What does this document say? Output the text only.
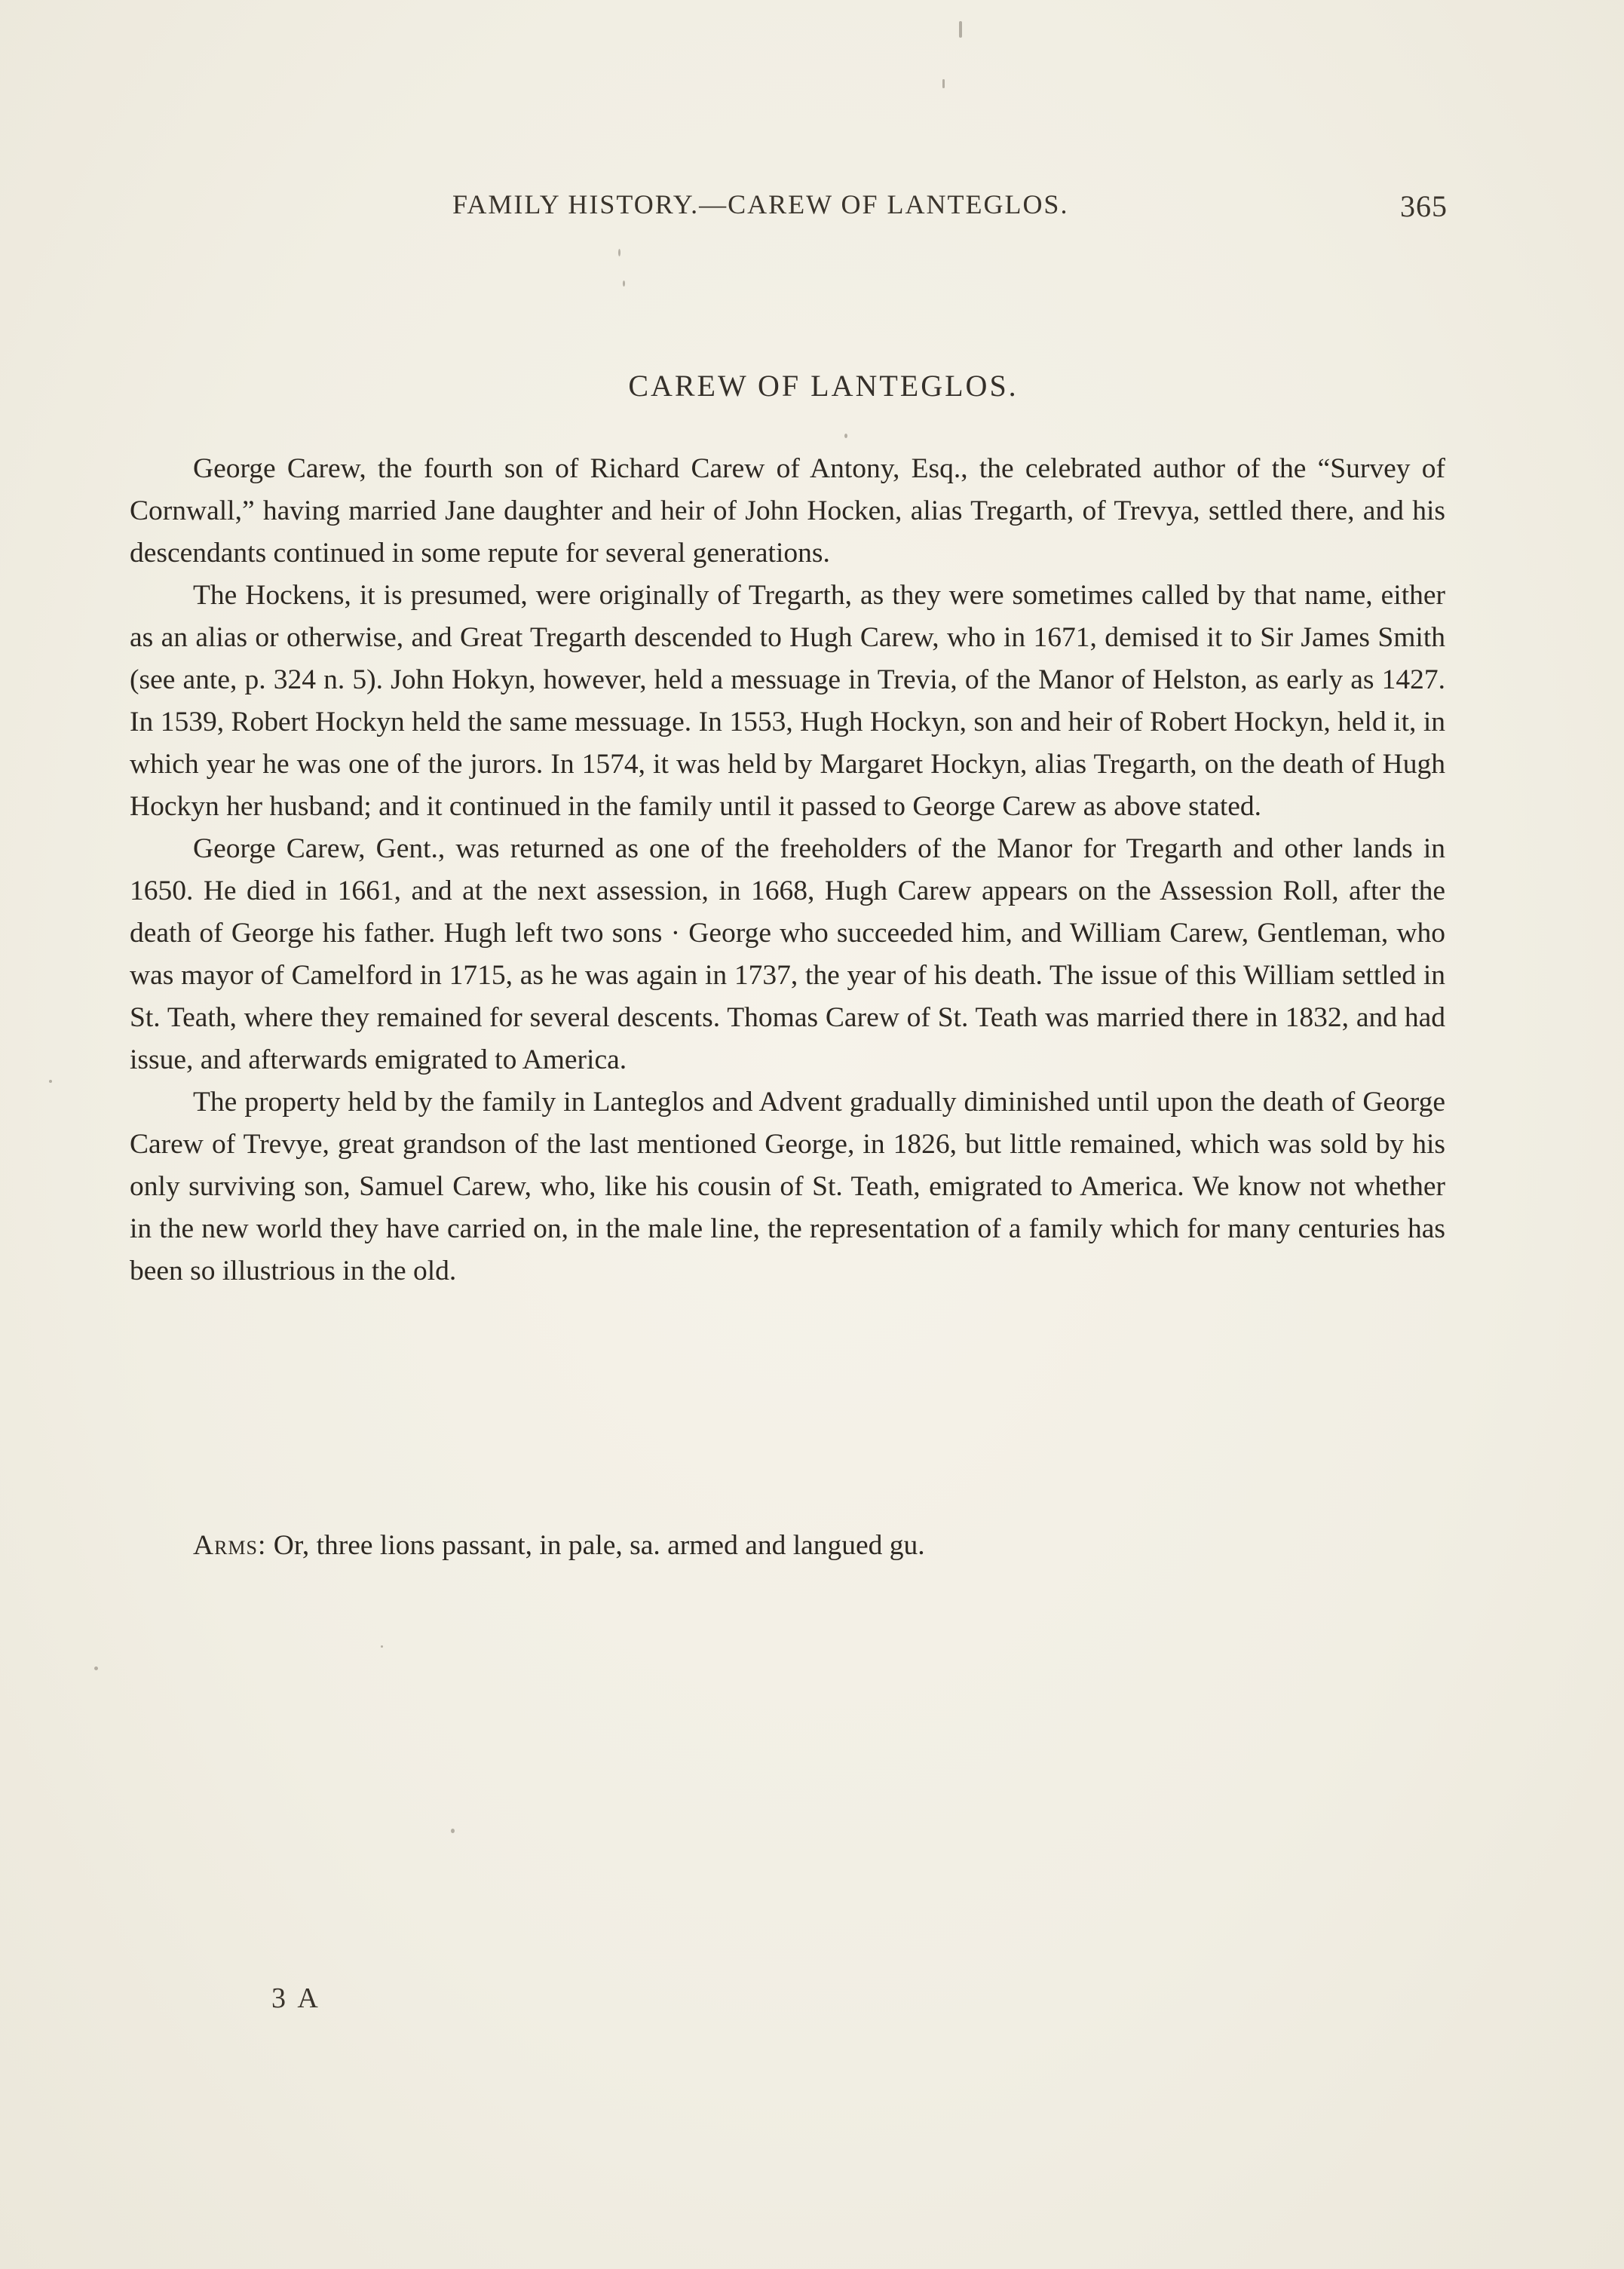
FAMILY HISTORY.—CAREW OF LANTEGLOS.	365
CAREW OF LANTEGLOS.

George Carew, the fourth son of Richard Carew of Antony, Esq., the celebrated author of the “Survey of Cornwall,” having married Jane daughter and heir of John Hocken, alias Tregarth, of Trevya, settled there, and his descendants continued in some repute for several generations.

The Hockens, it is presumed, were originally of Tregarth, as they were sometimes called by that name, either as an alias or otherwise, and Great Tregarth descended to Hugh Carew, who in 1671, demised it to Sir James Smith (see ante, p. 324 n. 5). John Hokyn, however, held a messuage in Trevia, of the Manor of Helston, as early as 1427. In 1539, Robert Hockyn held the same messuage. In 1553, Hugh Hockyn, son and heir of Robert Hockyn, held it, in which year he was one of the jurors. In 1574, it was held by Margaret Hockyn, alias Tregarth, on the death of Hugh Hockyn her husband; and it continued in the family until it passed to George Carew as above stated.

George Carew, Gent., was returned as one of the freeholders of the Manor for Tregarth and other lands in 1650. He died in 1661, and at the next assession, in 1668, Hugh Carew appears on the Assession Roll, after the death of George his father. Hugh left two sons · George who succeeded him, and William Carew, Gentleman, who was mayor of Camelford in 1715, as he was again in 1737, the year of his death. The issue of this William settled in St. Teath, where they remained for several descents. Thomas Carew of St. Teath was married there in 1832, and had issue, and afterwards emigrated to America.

The property held by the family in Lanteglos and Advent gradually diminished until upon the death of George Carew of Trevye, great grandson of the last mentioned George, in 1826, but little remained, which was sold by his only surviving son, Samuel Carew, who, like his cousin of St. Teath, emigrated to America. We know not whether in the new world they have carried on, in the male line, the representation of a family which for many centuries has been so illustrious in the old.

Arms: Or, three lions passant, in pale, sa. armed and langued gu.
3 A
